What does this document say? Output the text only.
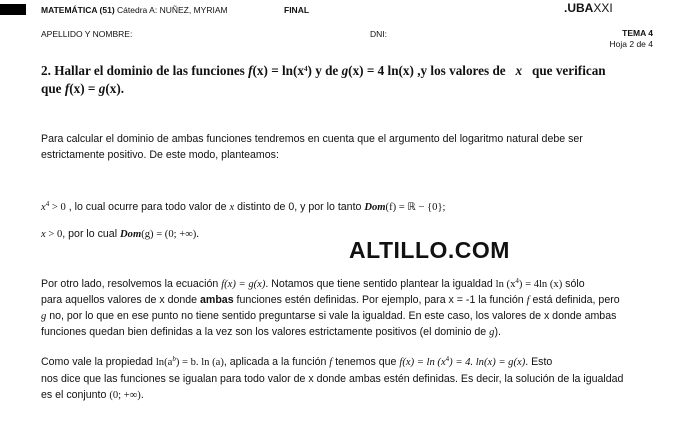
MATEMÁTICA (51) Cátedra A: NUÑEZ, MYRIAM	FINAL	.UBAXXI
APELLIDO Y NOMBRE:	DNI:	TEMA 4
Hoja 2 de 4
2. Hallar el dominio de las funciones $f(x) = \ln(x^4)$ y de g(x) = 4 ln(x) ,y los valores de x que verifican
que f(x) = g(x).
Para calcular el dominio de ambas funciones tendremos en cuenta que el argumento del logaritmo natural debe ser
estrictamente positivo. De este modo, planteamos:
$x^4 > 0$ , lo cual ocurre para todo valor de x distinto de 0, y por lo tanto Dom(f) = ℝ − {0};
x > 0, por lo cual Dom(g) = (0; +∞).
ALTILLO.COM
Por otro lado, resolvemos la ecuación f(x) = g(x). Notamos que tiene sentido plantear la igualdad $\ln (x^4) = 4\ln$ (x) sólo
para aquellos valores de x donde ambas funciones estén definidas. Por ejemplo, para x = -1 la función f está definida, pero
g no, por lo que en ese punto no tiene sentido preguntarse si vale la igualdad. En este caso, los valores de x donde ambas
funciones quedan bien definidas a la vez son los valores estrictamente positivos (el dominio de g).
Como vale la propiedad $\ln(a^b) = b$. ln (a), aplicada a la función f tenemos que $f(x) = \ln (x^4) = 4$. ln(x) = g(x). Esto
nos dice que las funciones se igualan para todo valor de x donde ambas estén definidas. Es decir, la solución de la igualdad
es el conjunto (0; +∞).
